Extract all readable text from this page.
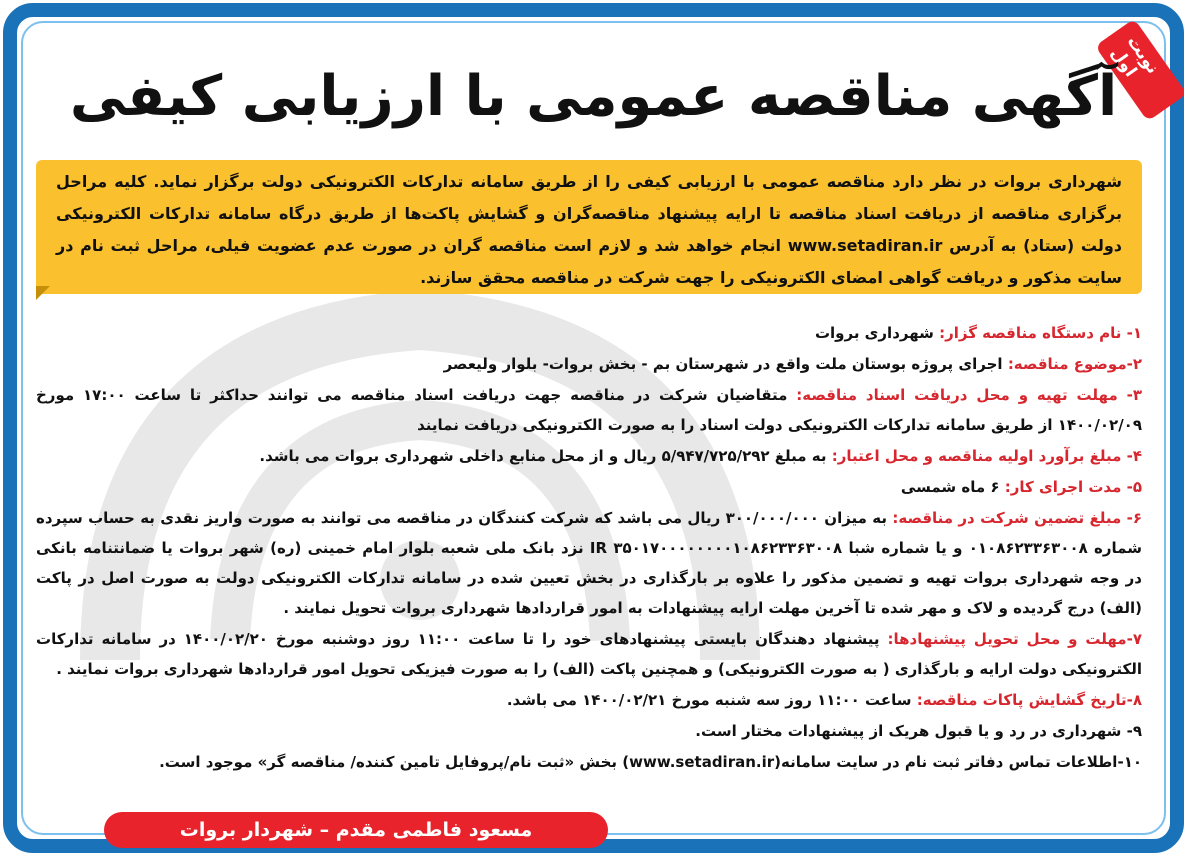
نوبت اول
آگهی مناقصه عمومی با ارزیابی کیفی
شهرداری بروات در نظر دارد مناقصه عمومی با ارزیابی کیفی را از طریق سامانه تدارکات الکترونیکی دولت برگزار نماید. کلیه مراحل برگزاری مناقصه از دریافت اسناد مناقصه تا ارایه پیشنهاد مناقصه‌گران و گشایش پاکت‌ها از طریق درگاه سامانه تدارکات الکترونیکی دولت (ستاد) به آدرس www.setadiran.ir انجام خواهد شد و لازم است مناقصه گران در صورت عدم عضویت فیلی، مراحل ثبت نام در سایت مذکور و دریافت گواهی امضای الکترونیکی را جهت شرکت در مناقصه محقق سازند.
۱- نام دستگاه مناقصه گزار: شهرداری بروات
۲-موضوع مناقصه: اجرای پروژه بوستان ملت واقع در شهرستان بم - بخش بروات- بلوار ولیعصر
۳- مهلت تهیه و محل دریافت اسناد مناقصه: متقاضیان شرکت در مناقصه جهت دریافت اسناد مناقصه می توانند حداکثر تا ساعت ۱۷:۰۰ مورخ ۱۴۰۰/۰۲/۰۹ از طریق سامانه تدارکات الکترونیکی دولت اسناد را به صورت الکترونیکی دریافت نمایند
۴- مبلغ برآورد اولیه مناقصه و محل اعتبار: به مبلغ ۵/۹۴۷/۷۲۵/۲۹۲ ریال و از محل منابع داخلی شهرداری بروات می باشد.
۵- مدت اجرای کار: ۶ ماه شمسی
۶- مبلغ تضمین شرکت در مناقصه: به میزان ۳۰۰/۰۰۰/۰۰۰ ریال می باشد که شرکت کنندگان در مناقصه می توانند به صورت واریز نقدی به حساب سپرده شماره ۰۱۰۸۶۲۳۳۶۳۰۰۸ و یا شماره شبا IR ۳۵۰۱۷۰۰۰۰۰۰۰۰۱۰۸۶۲۳۳۶۳۰۰۸ نزد بانک ملی شعبه بلوار امام خمینی (ره) شهر بروات یا ضمانتنامه بانکی در وجه شهرداری بروات تهیه و تضمین مذکور را علاوه بر بارگذاری در بخش تعیین شده در سامانه تدارکات الکترونیکی دولت به صورت اصل در پاکت (الف) درج گردیده و لاک و مهر شده تا آخرین مهلت ارایه پیشنهادات به امور قراردادها شهرداری بروات تحویل نمایند .
۷-مهلت و محل تحویل پیشنهادها: پیشنهاد دهندگان بایستی پیشنهادهای خود را تا ساعت ۱۱:۰۰ روز دوشنبه مورخ ۱۴۰۰/۰۲/۲۰ در سامانه تدارکات الکترونیکی دولت ارایه و بارگذاری ( به صورت الکترونیکی) و همچنین پاکت (الف) را به صورت فیزیکی تحویل امور قراردادها شهرداری بروات نمایند .
۸-تاریخ گشایش پاکات مناقصه: ساعت ۱۱:۰۰ روز سه شنبه مورخ ۱۴۰۰/۰۲/۲۱ می باشد.
۹- شهرداری در رد و یا قبول هریک از پیشنهادات مختار است.
۱۰-اطلاعات تماس دفاتر ثبت نام در سایت سامانه(www.setadiran.ir) بخش «ثبت نام/پروفایل تامین کننده/ مناقصه گر» موجود است.
مسعود فاطمی مقدم – شهردار بروات
